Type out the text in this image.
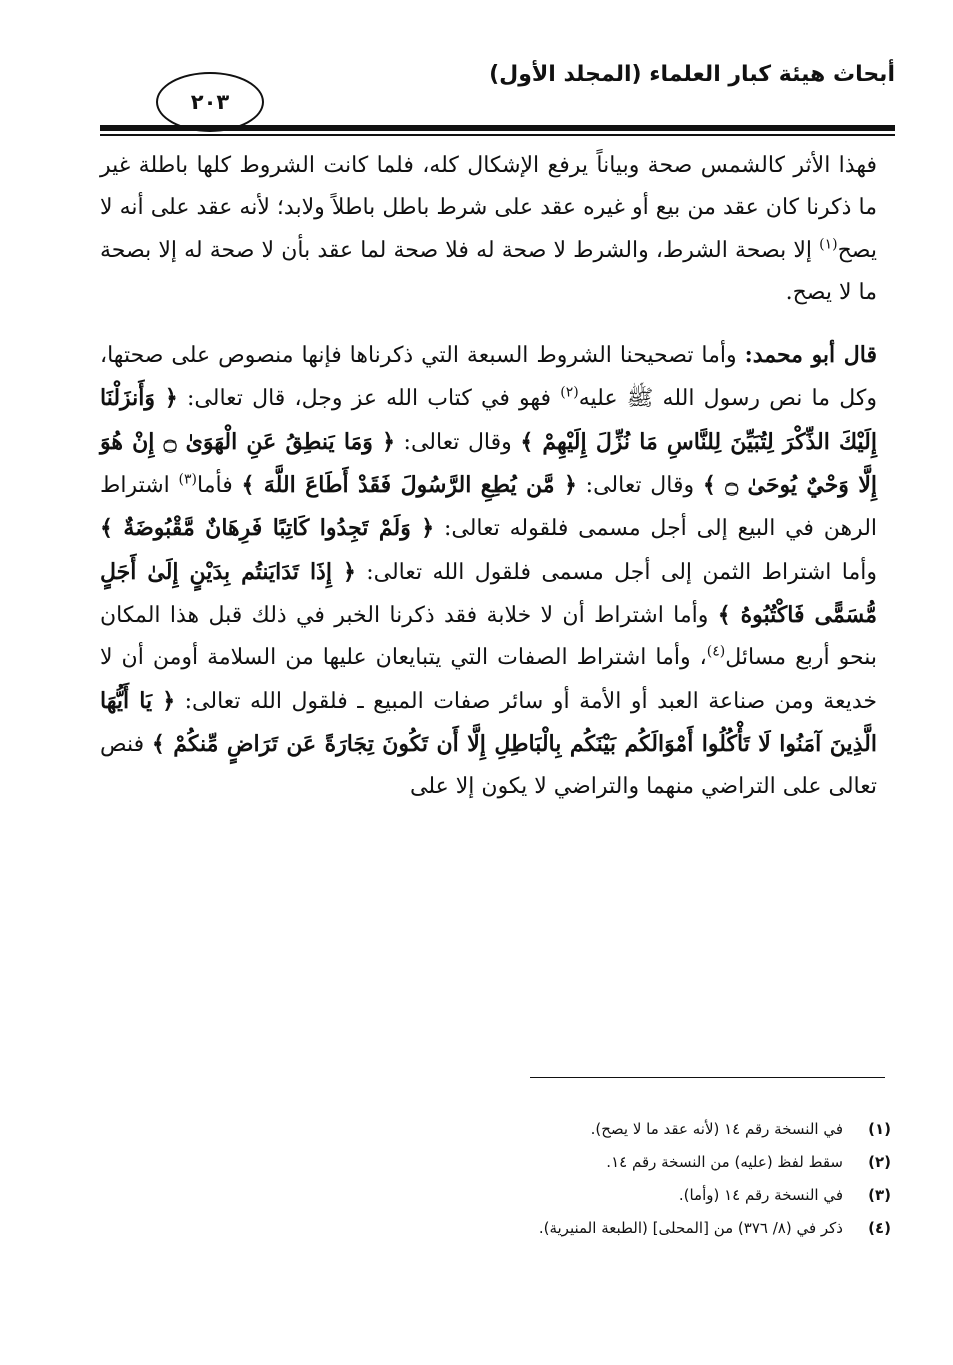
أبحاث هيئة كبار العلماء (المجلد الأول)
٢٠٣

فهذا الأثر كالشمس صحة وبياناً يرفع الإشكال كله، فلما كانت الشروط كلها باطلة غير ما ذكرنا كان عقد من بيع أو غيره عقد على شرط باطل باطلاً ولابد؛ لأنه عقد على أنه لا يصح$^{(١)}$ إلا بصحة الشرط، والشرط لا صحة له فلا صحة لما عقد بأن لا صحة له إلا بصحة ما لا يصح.

قال أبو محمد: وأما تصحيحنا الشروط السبعة التي ذكرناها فإنها منصوص على صحتها، وكل ما نص رسول الله ﷺ عليه$^{(٢)}$ فهو في كتاب الله عز وجل، قال تعالى: ﴿ وَأَنزَلْنَا إِلَيْكَ الذِّكْرَ لِتُبَيِّنَ لِلنَّاسِ مَا نُزِّلَ إِلَيْهِمْ ﴾ وقال تعالى: ﴿ وَمَا يَنطِقُ عَنِ الْهَوَىٰ ۝ إِنْ هُوَ إِلَّا وَحْيٌ يُوحَىٰ ۝ ﴾ وقال تعالى: ﴿ مَّن يُطِعِ الرَّسُولَ فَقَدْ أَطَاعَ اللَّهَ ﴾ فأما$^{(٣)}$ اشتراط الرهن في البيع إلى أجل مسمى فلقوله تعالى: ﴿ وَلَمْ تَجِدُوا كَاتِبًا فَرِهَانٌ مَّقْبُوضَةٌ ﴾ وأما اشتراط الثمن إلى أجل مسمى فلقول الله تعالى: ﴿ إِذَا تَدَايَنتُم بِدَيْنٍ إِلَىٰ أَجَلٍ مُّسَمًّى فَاكْتُبُوهُ ﴾ وأما اشتراط أن لا خلابة فقد ذكرنا الخبر في ذلك قبل هذا المكان بنحو أربع مسائل$^{(٤)}$، وأما اشتراط الصفات التي يتبايعان عليها من السلامة أومن أن لا خديعة ومن صناعة العبد أو الأمة أو سائر صفات المبيع ـ فلقول الله تعالى: ﴿ يَا أَيُّهَا الَّذِينَ آمَنُوا لَا تَأْكُلُوا أَمْوَالَكُم بَيْنَكُم بِالْبَاطِلِ إِلَّا أَن تَكُونَ تِجَارَةً عَن تَرَاضٍ مِّنكُمْ ﴾ فنص تعالى على التراضي منهما والتراضي لا يكون إلا على

(١)
في النسخة رقم ١٤ (لأنه عقد ما لا يصح).
(٢)
سقط لفظ (عليه) من النسخة رقم ١٤.
(٣)
في النسخة رقم ١٤ (وأما).
(٤)
ذكر في (٨/ ٣٧٦) من [المحلى] (الطبعة المنيرية).
